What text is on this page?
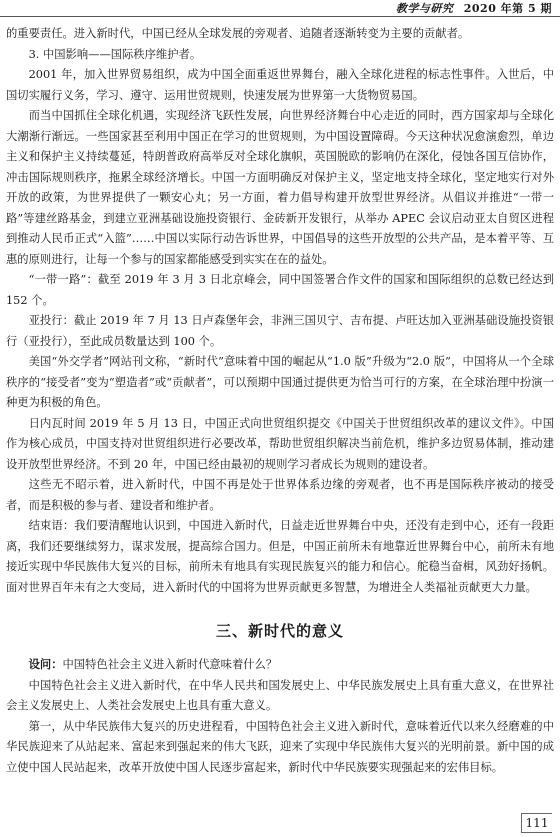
教学与研究 2020 年第 5 期

的重要责任。进入新时代，中国已经从全球发展的旁观者、追随者逐渐转变为主要的贡献者。

3. 中国影响——国际秩序维护者。

2001 年，加入世界贸易组织，成为中国全面重返世界舞台，融入全球化进程的标志性事件。入世后，中国切实履行义务，学习、遵守、运用世贸规则，快速发展为世界第一大货物贸易国。

而当中国抓住全球化机遇，实现经济飞跃性发展，向世界经济舞台中心走近的同时，西方国家却与全球化大潮渐行渐远。一些国家甚至利用中国正在学习的世贸规则，为中国设置障碍。今天这种状况愈演愈烈，单边主义和保护主义持续蔓延，特朗普政府高举反对全球化旗帜，英国脱欧的影响仍在深化，侵蚀各国互信协作，冲击国际规则秩序，拖累全球经济增长。中国一方面明确反对保护主义，坚定地支持全球化，坚定地实行对外开放的政策，为世界提供了一颗安心丸；另一方面，着力倡导构建开放型世界经济。从倡议并推进“一带一路”等建丝路基金，到建立亚洲基础设施投资银行、金砖新开发银行，从举办 APEC 会议启动亚太自贸区进程到推动人民币正式“入篮”……中国以实际行动告诉世界，中国倡导的这些开放型的公共产品，是本着平等、互惠的原则进行，让每一个参与的国家都能感受到实实在在的益处。

“一带一路”：截至 2019 年 3 月 3 日北京峰会，同中国签署合作文件的国家和国际组织的总数已经达到 152 个。

亚投行：截止 2019 年 7 月 13 日卢森堡年会，非洲三国贝宁、吉布提、卢旺达加入亚洲基础设施投资银行（亚投行），至此成员数量达到 100 个。

美国“外交学者”网站刊文称，“新时代”意味着中国的崛起从“1.0 版”升级为“2.0 版”，中国将从一个全球秩序的“接受者”变为“塑造者”或“贡献者”，可以预期中国通过提供更为恰当可行的方案，在全球治理中扮演一种更为积极的角色。

日内瓦时间 2019 年 5 月 13 日，中国正式向世贸组织提交《中国关于世贸组织改革的建议文件》。中国作为核心成员，中国支持对世贸组织进行必要改革，帮助世贸组织解决当前危机，维护多边贸易体制，推动建设开放型世界经济。不到 20 年，中国已经由最初的规则学习者成长为规则的建设者。

这些无不昭示着，进入新时代，中国不再是处于世界体系边缘的旁观者，也不再是国际秩序被动的接受者，而是积极的参与者、建设者和维护者。

结束语：我们要清醒地认识到，中国进入新时代，日益走近世界舞台中央，还没有走到中心，还有一段距离，我们还要继续努力，谋求发展，提高综合国力。但是，中国正前所未有地靠近世界舞台中心，前所未有地接近实现中华民族伟大复兴的目标，前所未有地具有实现民族复兴的能力和信心。舵稳当奋楫，风劲好扬帆。面对世界百年未有之大变局，进入新时代的中国将为世界贡献更多智慧，为增进全人类福祉贡献更大力量。

三、新时代的意义

设问：中国特色社会主义进入新时代意味着什么？

中国特色社会主义进入新时代，在中华人民共和国发展史上、中华民族发展史上具有重大意义，在世界社会主义发展史上、人类社会发展史上也具有重大意义。

第一，从中华民族伟大复兴的历史进程看，中国特色社会主义进入新时代，意味着近代以来久经磨难的中华民族迎来了从站起来、富起来到强起来的伟大飞跃，迎来了实现中华民族伟大复兴的光明前景。新中国的成立使中国人民站起来，改革开放使中国人民逐步富起来，新时代中华民族要实现强起来的宏伟目标。

111
